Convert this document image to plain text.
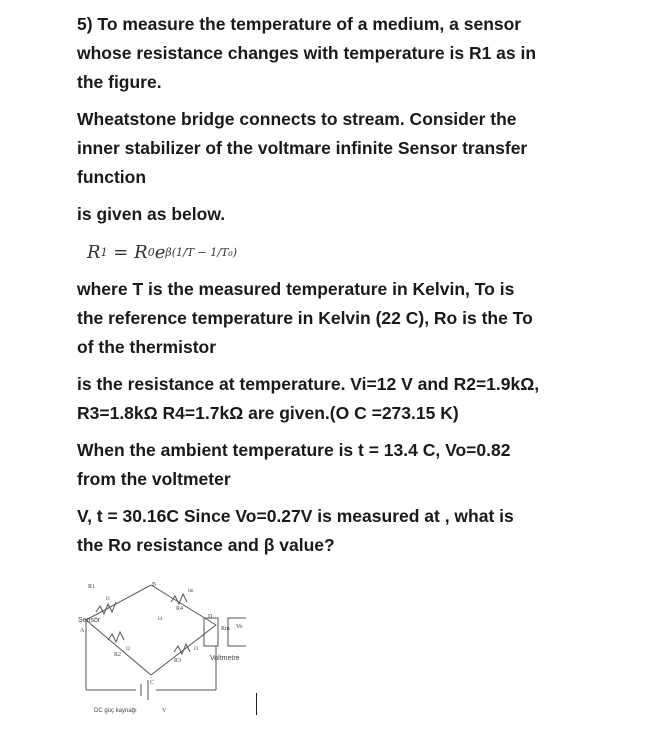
5) To measure the temperature of a medium, a sensor
whose resistance changes with temperature is R1 as in
the figure.
Wheatstone bridge connects to stream. Consider the
inner stabilizer of the voltmare infinite Sensor transfer
function
is given as below.
R 1
=
R 0 e β(1/T − 1/T₀)
where T is the measured temperature in Kelvin, To is
the reference temperature in Kelvin (22 C), Ro is the To
of the thermistor
is the resistance at temperature. Vi=12 V and R2=1.9kΩ,
R3=1.8kΩ R4=1.7kΩ are given.(O C =273.15 K)
When the ambient temperature is t = 13.4 C, Vo=0.82
from the voltmeter
V, t = 30.16C Since Vo=0.27V is measured at , what is
the Ro resistance and β value?
Sensör
Voltmetre
DC güç kaynağı	V
R1
R2
R3
R4
Rm Vo
A
B
C
D
I1
I2	I3
I4
Im
